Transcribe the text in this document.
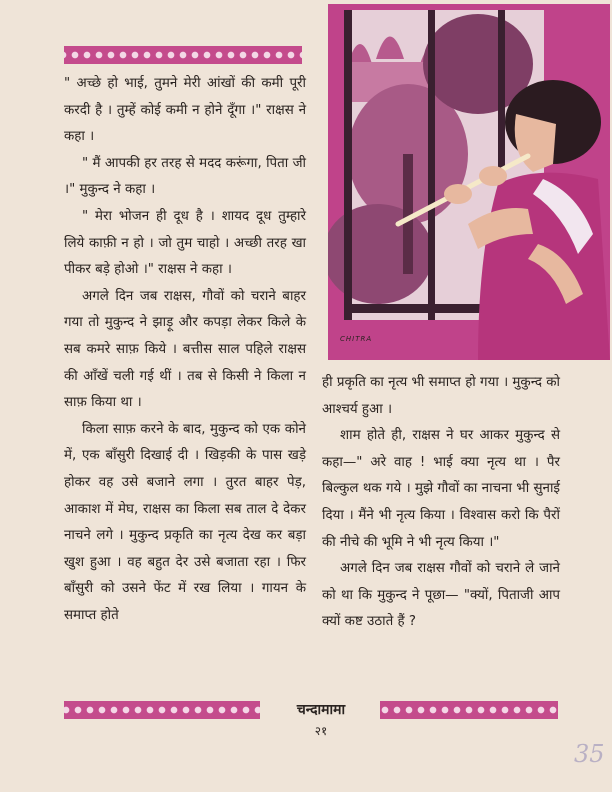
" अच्छे हो भाई, तुमने मेरी आंखों की कमी पूरी करदी है । तुम्हें कोई कमी न होने दूँगा ।" राक्षस ने कहा ।

" मैं आपकी हर तरह से मदद करूंगा, पिता जी ।" मुकुन्द ने कहा ।

" मेरा भोजन ही दूध है । शायद दूध तुम्हारे लिये काफ़ी न हो । जो तुम चाहो । अच्छी तरह खा पीकर बड़े होओ ।" राक्षस ने कहा ।

अगले दिन जब राक्षस, गौवों को चराने बाहर गया तो मुकुन्द ने झाड़ू और कपड़ा लेकर किले के सब कमरे साफ़ किये । बत्तीस साल पहिले राक्षस की आँखें चली गई थीं । तब से किसी ने किला न साफ़ किया था ।

किला साफ़ करने के बाद, मुकुन्द को एक कोने में, एक बाँसुरी दिखाई दी । खिड़की के पास खड़े होकर वह उसे बजाने लगा । तुरत बाहर पेड़, आकाश में मेघ, राक्षस का किला सब ताल दे देकर नाचने लगे । मुकुन्द प्रकृति का नृत्य देख कर बड़ा खुश हुआ । वह बहुत देर उसे बजाता रहा । फिर बाँसुरी को उसने फेंट में रख लिया । गायन के समाप्त होते

CHITRA

ही प्रकृति का नृत्य भी समाप्त हो गया । मुकुन्द को आश्चर्य हुआ ।

शाम होते ही, राक्षस ने घर आकर मुकुन्द से कहा—" अरे वाह ! भाई क्या नृत्य था । पैर बिल्कुल थक गये । मुझे गौवों का नाचना भी सुनाई दिया । मैंने भी नृत्य किया । विश्वास करो कि पैरों की नीचे की भूमि ने भी नृत्य किया ।"

अगले दिन जब राक्षस गौवों को चराने ले जाने को था कि मुकुन्द ने पूछा— "क्यों, पिताजी आप क्यों कष्ट उठाते हैं ?

चन्दामामा
२१
35
